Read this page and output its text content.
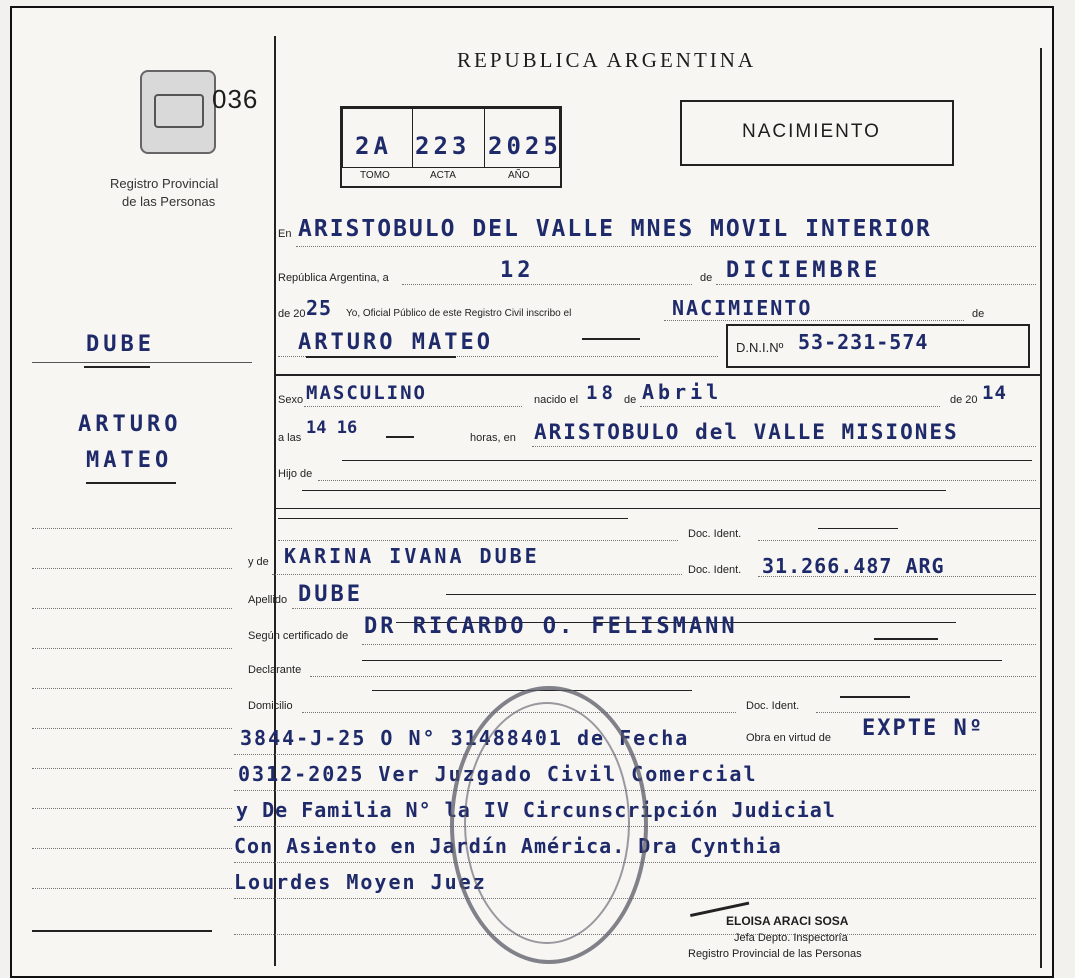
036
Registro Provincial
de las Personas
REPUBLICA ARGENTINA
2A 223 2025
TOMO	ACTA	AÑO
NACIMIENTO
DUBE
ARTURO
MATEO
En ARISTOBULO DEL VALLE MNES MOVIL INTERIOR
República Argentina, a	12	de DICIEMBRE
de 20 25 Yo, Oficial Público de este Registro Civil inscribo el	NACIMIENTO	de
ARTURO MATEO	D.N.I.Nº 53-231-574
Sexo MASCULINO	nacido el 18 de Abril	de 20 14
a las 14 16	horas, en ARISTOBULO del VALLE MISIONES
Hijo de
Doc. Ident.
y de KARINA IVANA DUBE
Doc. Ident. 31.266.487 ARG
Apellido DUBE
Según certificado de DR RICARDO O. FELISMANN
Declarante
Domicilio	Doc. Ident.
Obra en virtud de EXPTE Nº
3844-J-25 O N° 31488401 de Fecha
0312-2025 Ver Juzgado Civil Comercial
y De Familia N° la IV Circunscripción Judicial
Con Asiento en Jardín América. Dra Cynthia
Lourdes Moyen Juez
ELOISA ARACI SOSA
Jefa Depto. Inspectoría
Registro Provincial de las Personas
